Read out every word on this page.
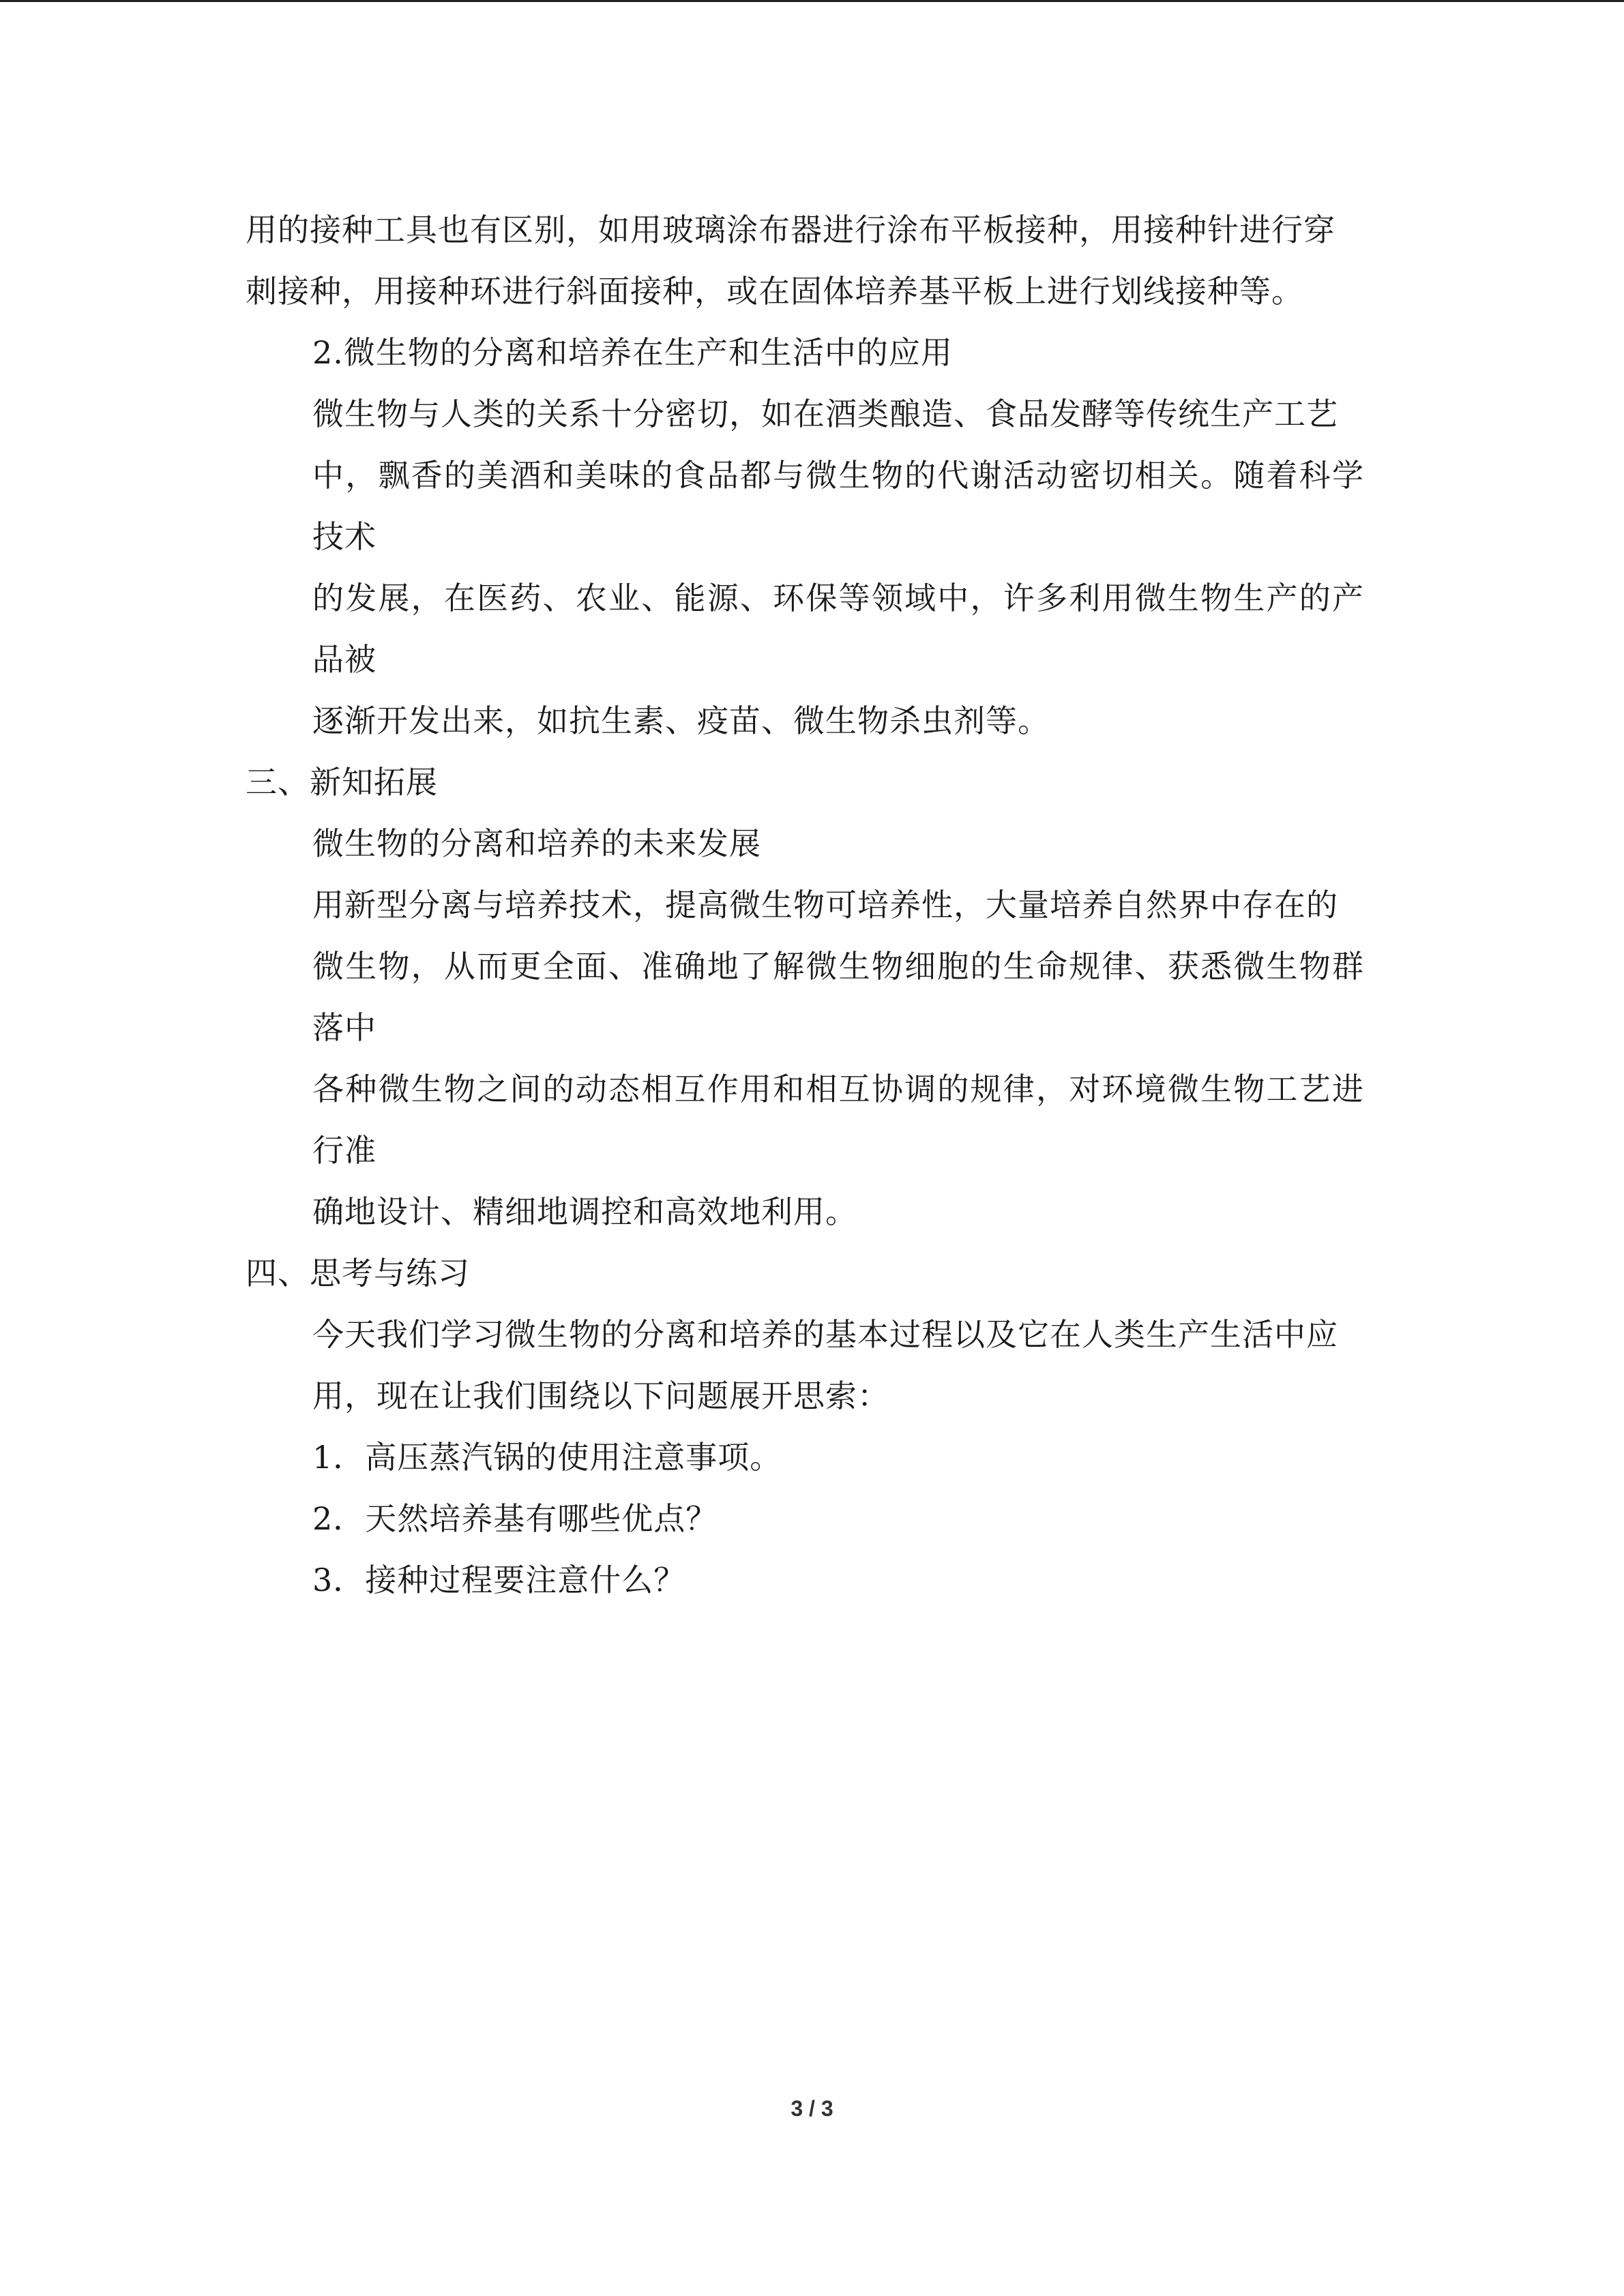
用的接种工具也有区别，如用玻璃涂布器进行涂布平板接种，用接种针进行穿
刺接种，用接种环进行斜面接种，或在固体培养基平板上进行划线接种等。

2.微生物的分离和培养在生产和生活中的应用

微生物与人类的关系十分密切，如在酒类酿造、食品发酵等传统生产工艺
中，飘香的美酒和美味的食品都与微生物的代谢活动密切相关。随着科学技术
的发展，在医药、农业、能源、环保等领域中，许多利用微生物生产的产品被
逐渐开发出来，如抗生素、疫苗、微生物杀虫剂等。

三、新知拓展

微生物的分离和培养的未来发展

用新型分离与培养技术，提高微生物可培养性，大量培养自然界中存在的
微生物，从而更全面、准确地了解微生物细胞的生命规律、获悉微生物群落中
各种微生物之间的动态相互作用和相互协调的规律，对环境微生物工艺进行准
确地设计、精细地调控和高效地利用。

四、思考与练习

今天我们学习微生物的分离和培养的基本过程以及它在人类生产生活中应
用，现在让我们围绕以下问题展开思索：

1．高压蒸汽锅的使用注意事项。

2．天然培养基有哪些优点？

3．接种过程要注意什么？

3 / 3
